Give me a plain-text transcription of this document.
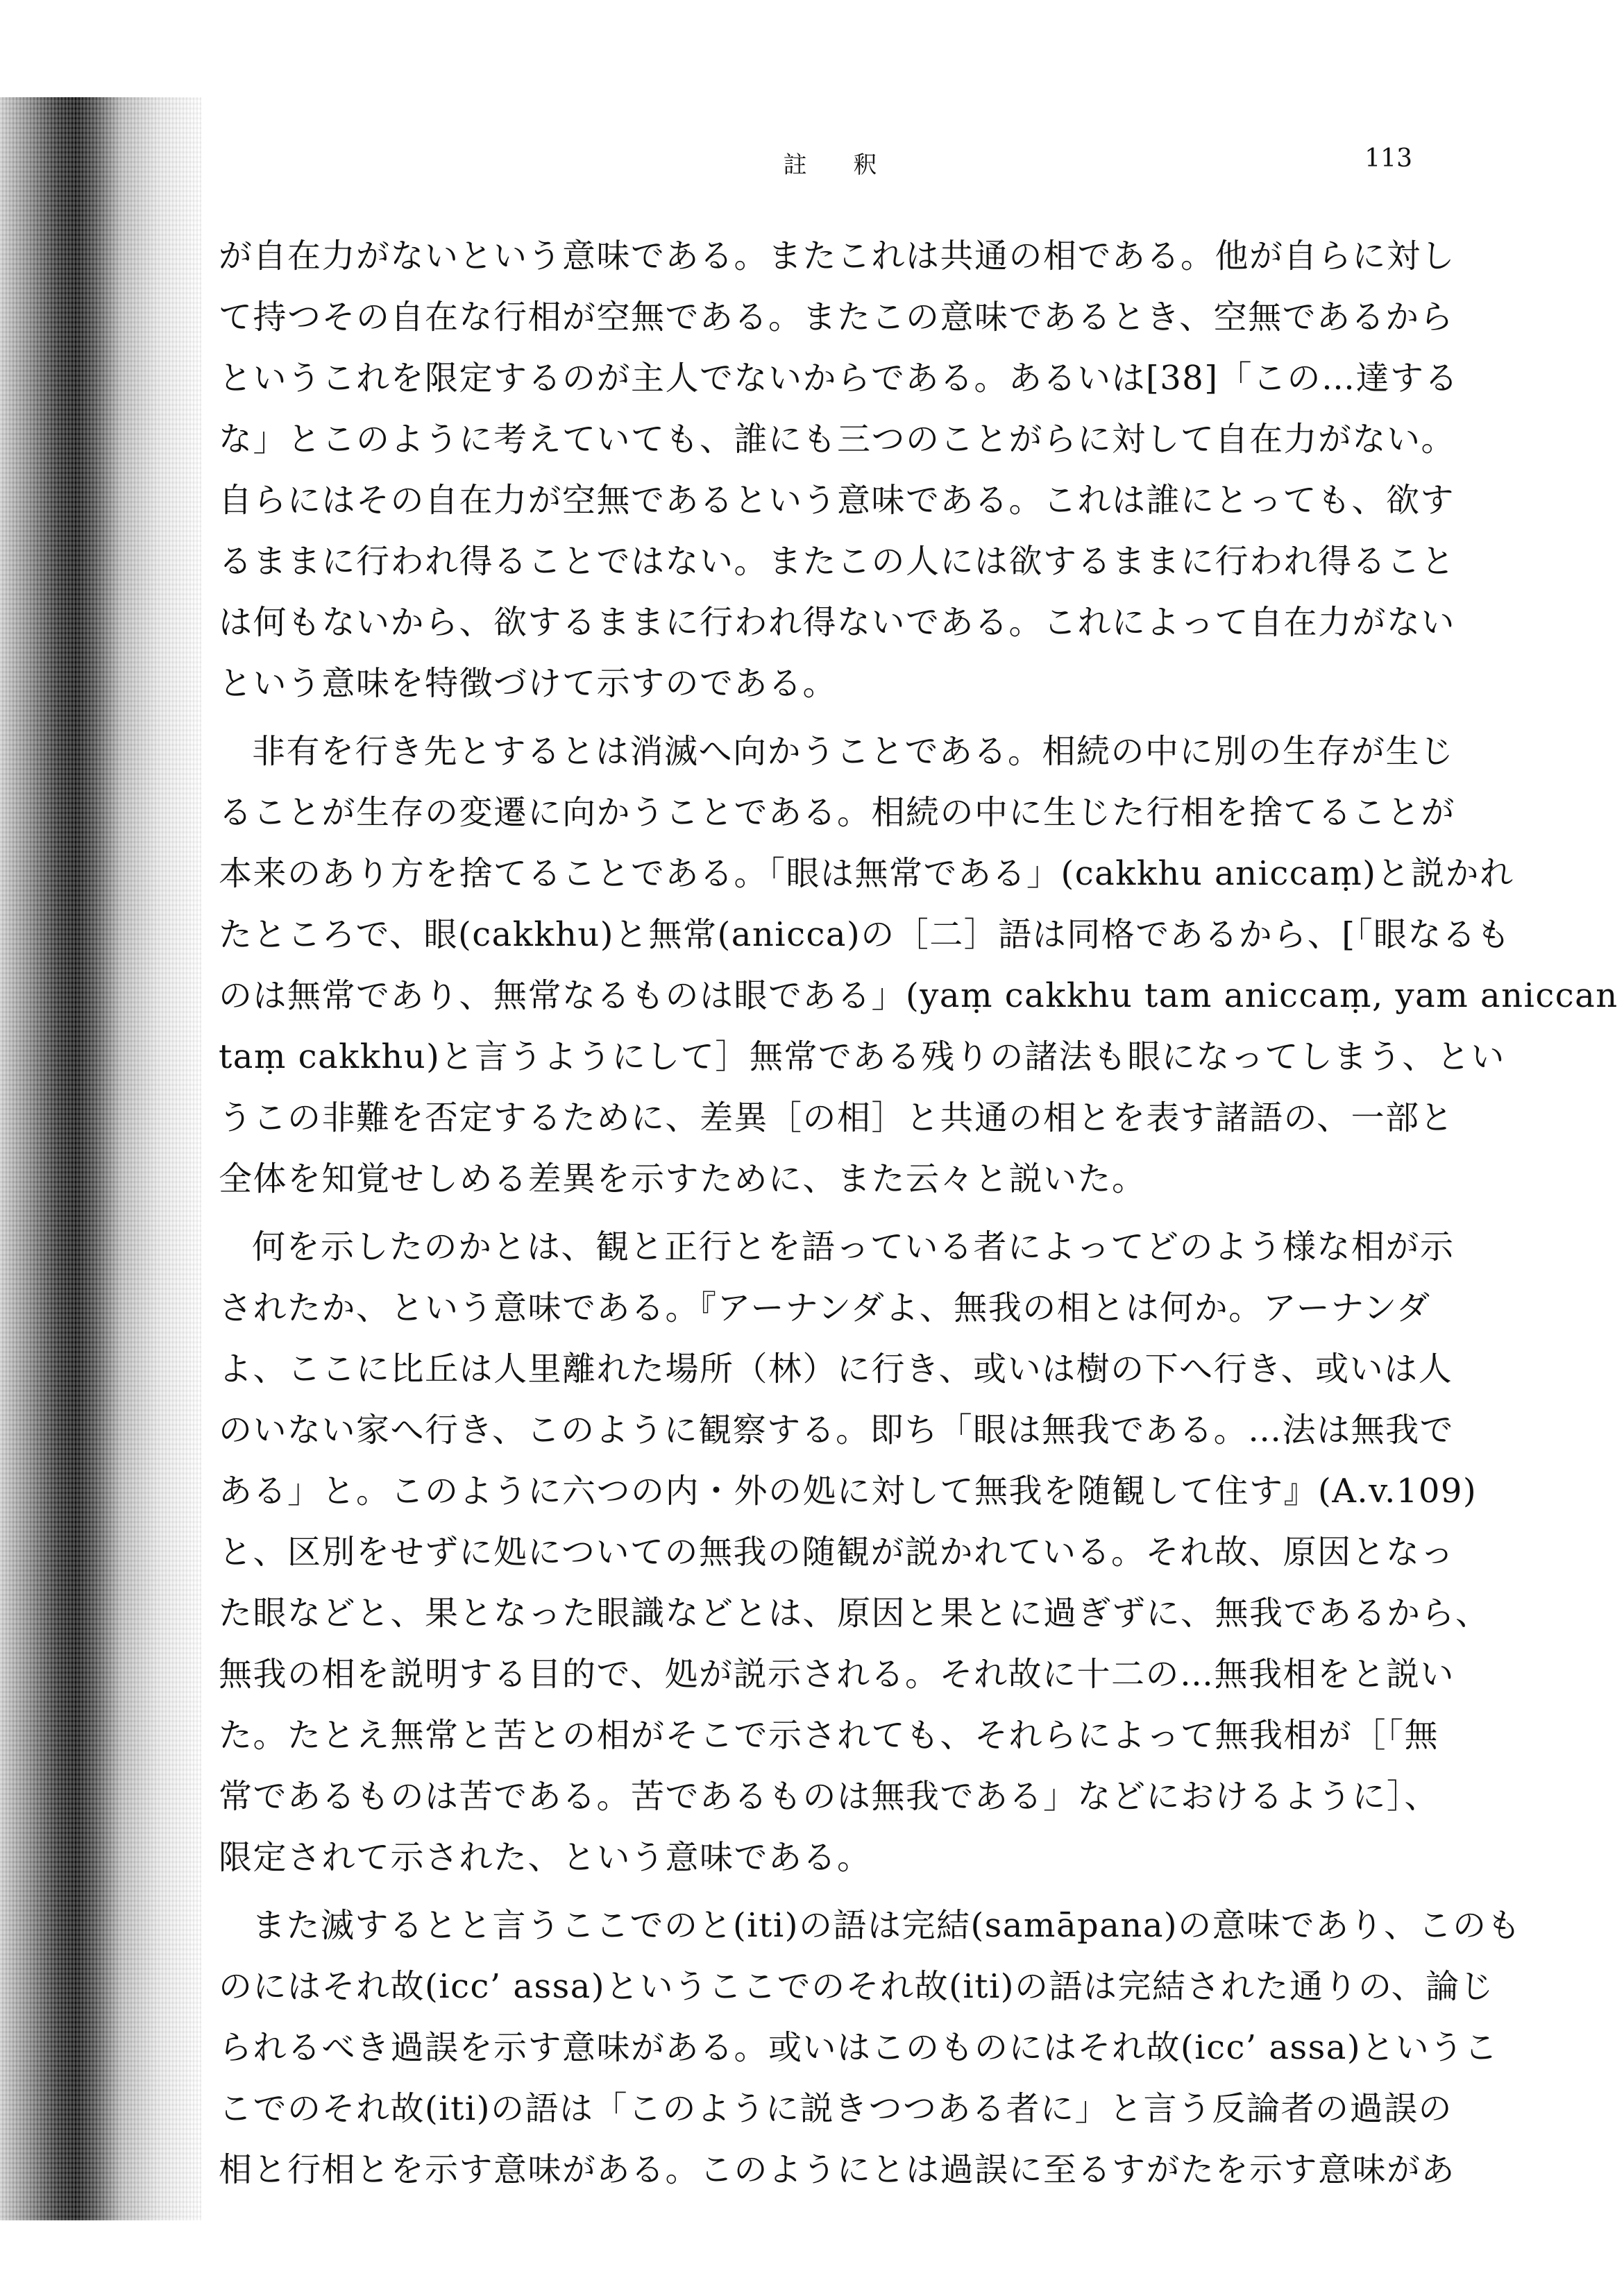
註 釈	113
が自在力がないという意味である。またこれは共通の相である。他が自らに対し
て持つその自在な行相が空無である。またこの意味であるとき、空無であるから
というこれを限定するのが主人でないからである。あるいは[38]「この…達する
な」とこのように考えていても、誰にも三つのことがらに対して自在力がない。
自らにはその自在力が空無であるという意味である。これは誰にとっても、欲す
るままに行われ得ることではない。またこの人には欲するままに行われ得ること
は何もないから、欲するままに行われ得ないである。これによって自在力がない
という意味を特徴づけて示すのである。
非有を行き先とするとは消滅へ向かうことである。相続の中に別の生存が生じ
ることが生存の変遷に向かうことである。相続の中に生じた行相を捨てることが
本来のあり方を捨てることである。「眼は無常である」(cakkhu aniccaṃ)と説かれ
たところで、眼(cakkhu)と無常(anicca)の［二］語は同格であるから、[「眼なるも
のは無常であり、無常なるものは眼である」(yaṃ cakkhu tam aniccaṃ, yam aniccan
taṃ cakkhu)と言うようにして］無常である残りの諸法も眼になってしまう、とい
うこの非難を否定するために、差異［の相］と共通の相とを表す諸語の、一部と
全体を知覚せしめる差異を示すために、また云々と説いた。
何を示したのかとは、観と正行とを語っている者によってどのよう様な相が示
されたか、という意味である。『アーナンダよ、無我の相とは何か。アーナンダ
よ、ここに比丘は人里離れた場所（林）に行き、或いは樹の下へ行き、或いは人
のいない家へ行き、このように観察する。即ち「眼は無我である。…法は無我で
ある」と。このように六つの内・外の処に対して無我を随観して住す』(A.v.109)
と、区別をせずに処についての無我の随観が説かれている。それ故、原因となっ
た眼などと、果となった眼識などとは、原因と果とに過ぎずに、無我であるから、
無我の相を説明する目的で、処が説示される。それ故に十二の…無我相をと説い
た。たとえ無常と苦との相がそこで示されても、それらによって無我相が［「無
常であるものは苦である。苦であるものは無我である」などにおけるように］、
限定されて示された、という意味である。
また滅するとと言うここでのと(iti)の語は完結(samāpana)の意味であり、このも
のにはそれ故(icc’ assa)というここでのそれ故(iti)の語は完結された通りの、論じ
られるべき過誤を示す意味がある。或いはこのものにはそれ故(icc’ assa)というこ
こでのそれ故(iti)の語は「このように説きつつある者に」と言う反論者の過誤の
相と行相とを示す意味がある。このようにとは過誤に至るすがたを示す意味があ
